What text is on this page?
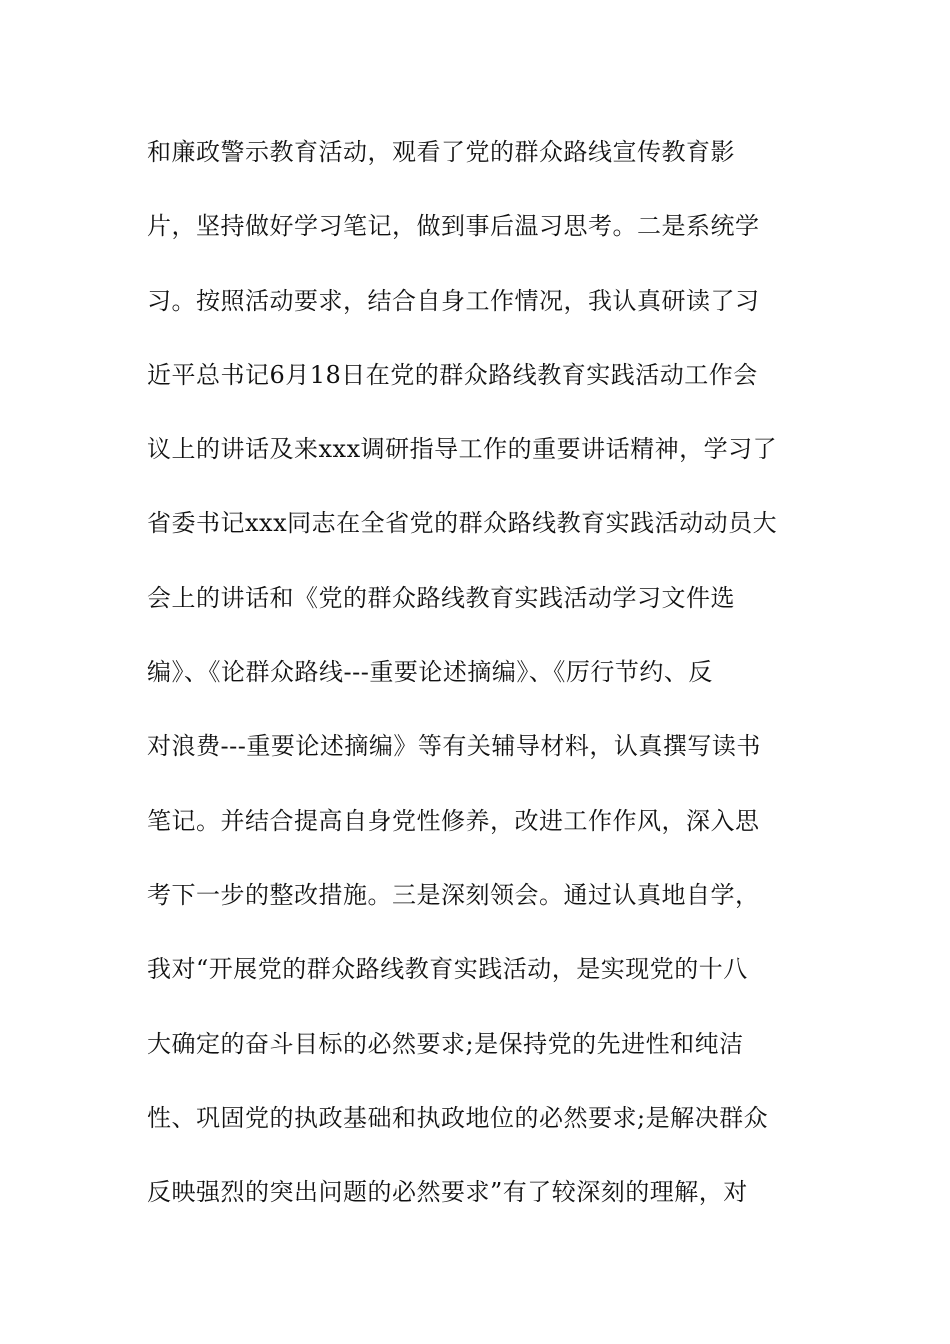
和廉政警示教育活动，观看了党的群众路线宣传教育影
片，坚持做好学习笔记，做到事后温习思考。二是系统学
习。按照活动要求，结合自身工作情况，我认真研读了习
近平总书记6月18日在党的群众路线教育实践活动工作会
议上的讲话及来xxx调研指导工作的重要讲话精神，学习了
省委书记xxx同志在全省党的群众路线教育实践活动动员大
会上的讲话和《党的群众路线教育实践活动学习文件选
编》、《论群众路线---重要论述摘编》、《厉行节约、反
对浪费---重要论述摘编》等有关辅导材料，认真撰写读书
笔记。并结合提高自身党性修养，改进工作作风，深入思
考下一步的整改措施。三是深刻领会。通过认真地自学，
我对“开展党的群众路线教育实践活动，是实现党的十八
大确定的奋斗目标的必然要求;是保持党的先进性和纯洁
性、巩固党的执政基础和执政地位的必然要求;是解决群众
反映强烈的突出问题的必然要求”有了较深刻的理解，对
